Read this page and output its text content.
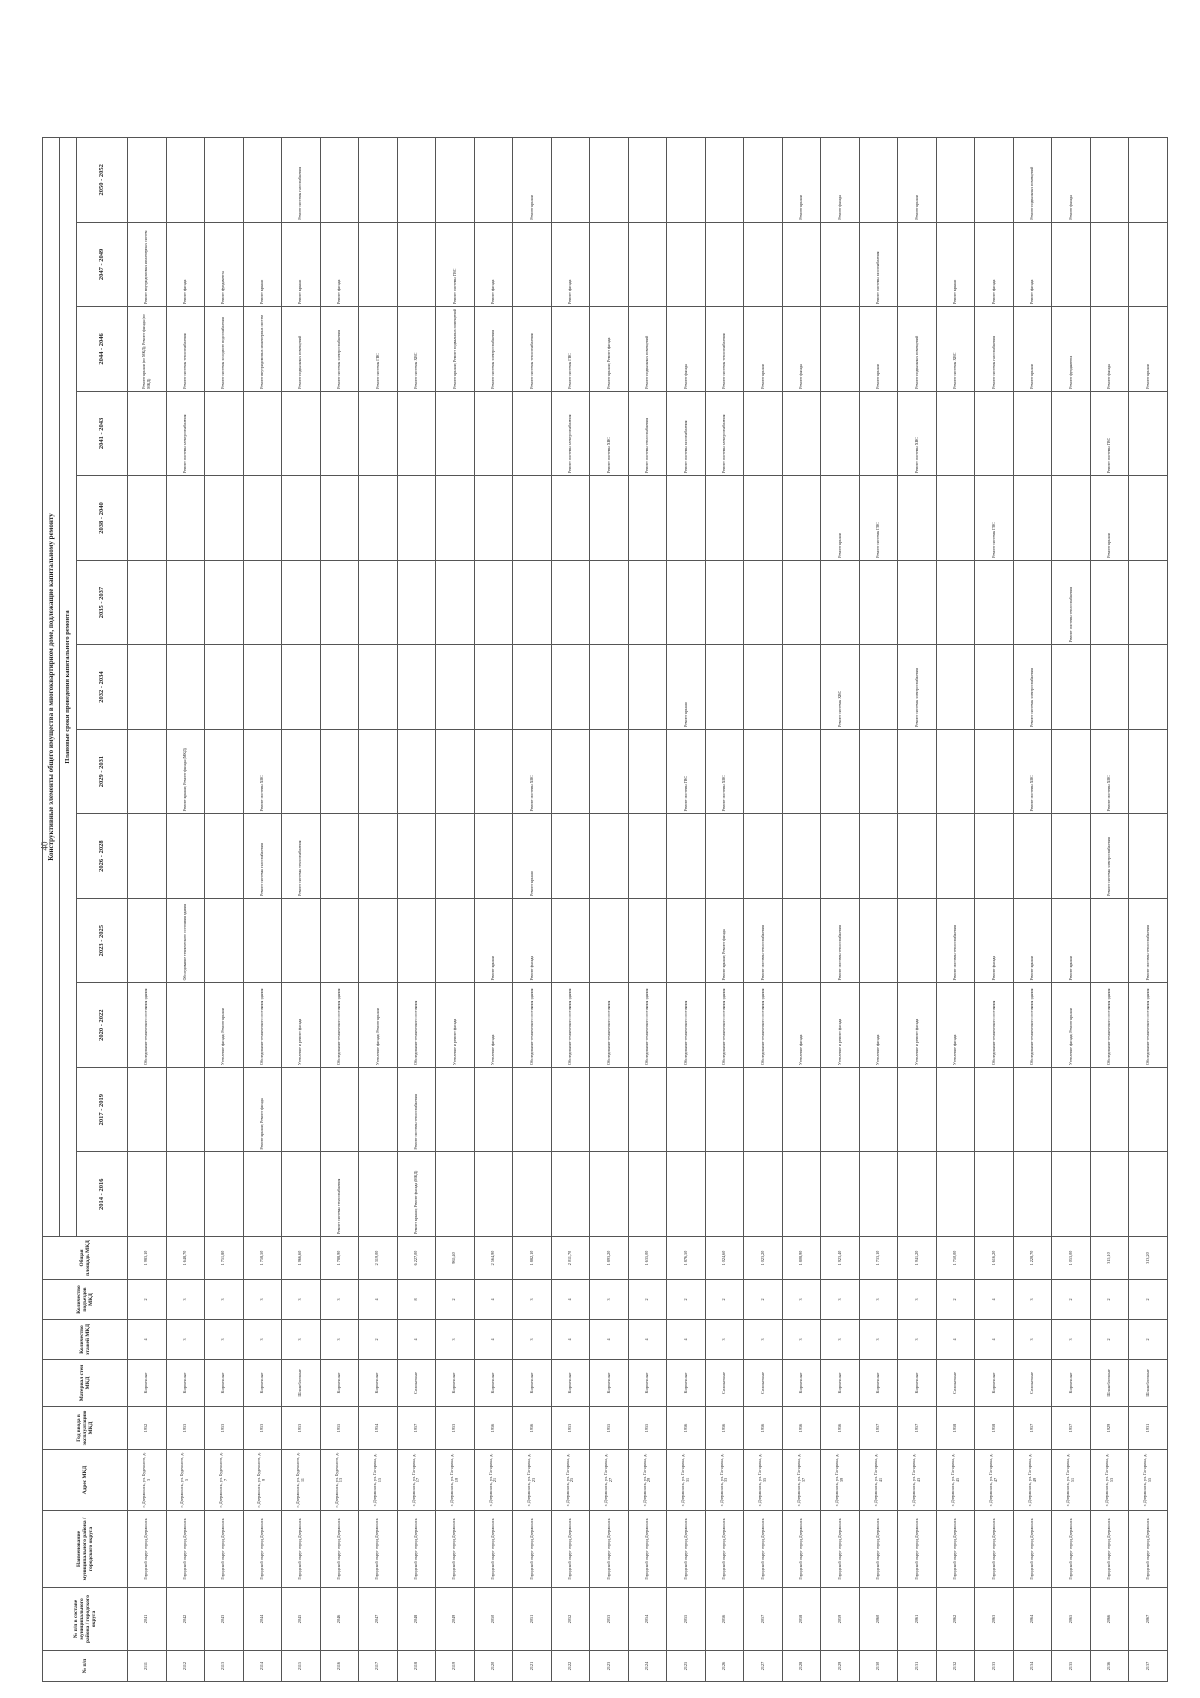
40
№ п/п	№ п/п в составе муниципального района / городского округа	Наименование муниципального района / городского округа	Адрес МКД	Год ввода в эксплуатацию МКД	Материал стен МКД	Количество этажей МКД	Количество подъездов МКД	Общая площадь МКД	Конструктивные элементы общего имущества в многоквартирном доме, подлежащие капитальному ремонту												
									Плановые сроки проведения капитального ремонта												
									2014 - 2016	2017 - 2019	2020 - 2022	2023 - 2025	2026 - 2028	2029 - 2031	2032 - 2034	2035 - 2037	2038 - 2040	2041 - 2043	2044 - 2046	2047 - 2049	2050 - 2052
2111	2041	Городской округ город Дзержинск	г. Дзержинск, ул. Буденного, д. 3	1952	Кирпичные	4	2	1 983,10			Обследование технического состояния здания								Ремонт крыши (по МКД); Ремонт фасада (по МКД)	Ремонт внутридомовых инженерных систем	
2112	2042	Городской округ город Дзержинск	г. Дзержинск, ул. Буденного, д. 5	1953	Кирпичные	3	3	1 648,70				Обследование технического состояния здания		Ремонт крыши; Ремонт фасада (МКД)				Ремонт системы электроснабжения	Ремонт системы теплоснабжения	Ремонт фасада	
2113	2043	Городской округ город Дзержинск	г. Дзержинск, ул. Буденного, д. 7	1953	Кирпичные	3	3	1 751,80			Утепление фасада; Ремонт крыши								Ремонт системы холодного водоснабжения	Ремонт фундамента	
2114	2044	Городской округ город Дзержинск	г. Дзержинск, ул. Буденного, д. 9	1953	Кирпичные	3	3	1 758,50		Ремонт крыши; Ремонт фасада	Обследование технического состояния здания		Ремонт системы газоснабжения	Ремонт системы ХВС					Ремонт внутридомовых инженерных систем	Ремонт крыши	
2115	2045	Городской округ город Дзержинск	г. Дзержинск, ул. Буденного, д. 11	1953	Шлакоблочные	3	3	1 966,60			Утепление и ремонт фасада		Ремонт системы теплоснабжения						Ремонт подвальных помещений	Ремонт крыши	Ремонт системы газоснабжения
2116	2046	Городской округ город Дзержинск	г. Дзержинск, ул. Буденного, д. 13	1955	Кирпичные	3	3	1 788,90	Ремонт системы теплоснабжения		Обследование технического состояния здания								Ремонт системы электроснабжения	Ремонт фасада	
2117	2047	Городской округ город Дзержинск	г. Дзержинск, ул. Гагарина, д. 15	1954	Кирпичные	2	4	2 319,00			Утепление фасада; Ремонт крыши								Ремонт системы ГВС		
2118	2048	Городской округ город Дзержинск	г. Дзержинск, ул. Гагарина, д. 17	1957	Силикатные	4	8	6 227,00	Ремонт крыши; Ремонт фасада (МКД)	Ремонт системы теплоснабжения	Обследование технического состояния								Ремонт системы ХВС		
2119	2049	Городской округ город Дзержинск	г. Дзержинск, ул. Гагарина, д. 19	1953	Кирпичные	3	2	965,40			Утепление и ремонт фасада								Ремонт крыши; Ремонт подвальных помещений	Ремонт системы ГВС	
2120	2050	Городской округ город Дзержинск	г. Дзержинск, ул. Гагарина, д. 21	1956	Кирпичные	4	4	2 564,90			Утепление фасада	Ремонт крыши							Ремонт системы электроснабжения	Ремонт фасада	
2121	2051	Городской округ город Дзержинск	г. Дзержинск, ул. Гагарина, д. 23	1956	Кирпичные	3	3	1 882,10			Обследование технического состояния здания	Ремонт фасада	Ремонт крыши	Ремонт системы ХВС					Ремонт системы теплоснабжения		Ремонт крыши
2122	2052	Городской округ город Дзержинск	г. Дзержинск, ул. Гагарина, д. 25	1953	Кирпичные	4	4	2 011,70			Обследование технического состояния здания							Ремонт системы электроснабжения	Ремонт системы ГВС	Ремонт фасада	
2123	2053	Городской округ город Дзержинск	г. Дзержинск, ул. Гагарина, д. 27	1955	Кирпичные	4	3	1 893,20			Обследование технического состояния							Ремонт системы ХВС	Ремонт крыши; Ремонт фасада		
2124	2054	Городской округ город Дзержинск	г. Дзержинск, ул. Гагарина, д. 29	1955	Кирпичные	4	2	1 635,00			Обследование технического состояния здания							Ремонт системы теплоснабжения	Ремонт подвальных помещений		
2125	2055	Городской округ город Дзержинск	г. Дзержинск, ул. Гагарина, д. 31	1956	Кирпичные	4	2	1 876,50			Обследование технического состояния			Ремонт системы ГВС	Ремонт крыши			Ремонт системы газоснабжения	Ремонт фасада		
2126	2056	Городской округ город Дзержинск	г. Дзержинск, ул. Гагарина, д. 33	1956	Силикатные	3	2	1 024,60			Обследование технического состояния здания	Ремонт крыши; Ремонт фасада		Ремонт системы ХВС				Ремонт системы электроснабжения	Ремонт системы теплоснабжения		
2127	2057	Городской округ город Дзержинск	г. Дзержинск, ул. Гагарина, д. 35	1956	Силикатные	3	2	1 023,20			Обследование технического состояния здания	Ремонт системы теплоснабжения							Ремонт крыши		
2128	2058	Городской округ город Дзержинск	г. Дзержинск, ул. Гагарина, д. 37	1956	Кирпичные	3	3	1 808,90			Утепление фасада								Ремонт фасада		Ремонт крыши
2129	2059	Городской округ город Дзержинск	г. Дзержинск, ул. Гагарина, д. 39	1956	Кирпичные	3	3	1 923,40			Утепление и ремонт фасада	Ремонт системы теплоснабжения			Ремонт системы ХВС		Ремонт крыши				Ремонт фасада
2130	2060	Городской округ город Дзержинск	г. Дзержинск, ул. Гагарина, д. 41	1957	Кирпичные	3	3	1 733,10			Утепление фасада						Ремонт системы ГВС		Ремонт крыши	Ремонт системы газоснабжения	
2131	2061	Городской округ город Дзержинск	г. Дзержинск, ул. Гагарина, д. 43	1957	Кирпичные	3	3	1 941,20			Утепление и ремонт фасада				Ремонт системы электроснабжения			Ремонт системы ХВС	Ремонт подвальных помещений		Ремонт крыши
2132	2062	Городской округ город Дзержинск	г. Дзержинск, ул. Гагарина, д. 45	1958	Силикатные	4	2	1 750,00			Утепление фасада	Ремонт системы теплоснабжения							Ремонт системы ХВС	Ремонт крыши	
2133	2063	Городской округ город Дзержинск	г. Дзержинск, ул. Гагарина, д. 47	1958	Кирпичные	4	4	1 616,20			Обследование технического состояния	Ремонт фасада					Ремонт системы ГВС		Ремонт системы газоснабжения	Ремонт фасада	
2134	2064	Городской округ город Дзержинск	г. Дзержинск, ул. Гагарина, д. 49	1957	Силикатные	3	3	1 228,70			Обследование технического состояния здания	Ремонт крыши		Ремонт системы ХВС	Ремонт системы электроснабжения				Ремонт крыши	Ремонт фасада	Ремонт подвальных помещений
2135	2065	Городской округ город Дзержинск	г. Дзержинск, ул. Гагарина, д. 51	1957	Кирпичные	3	2	1 053,00			Утепление фасада; Ремонт крыши	Ремонт крыши				Ремонт системы теплоснабжения			Ремонт фундамента		Ремонт фасада
2136	2066	Городской округ город Дзержинск	г. Дзержинск, ул. Гагарина, д. 53	1929	Шлакоблочные	2	2	315,10			Обследование технического состояния здания		Ремонт системы электроснабжения	Ремонт системы ХВС			Ремонт крыши	Ремонт системы ГВС	Ремонт фасада		
2137	2067	Городской округ город Дзержинск	г. Дзержинск, ул. Гагарина, д. 55	1931	Шлакоблочные	2	2	313,20			Обследование технического состояния здания	Ремонт системы теплоснабжения							Ремонт крыши		
